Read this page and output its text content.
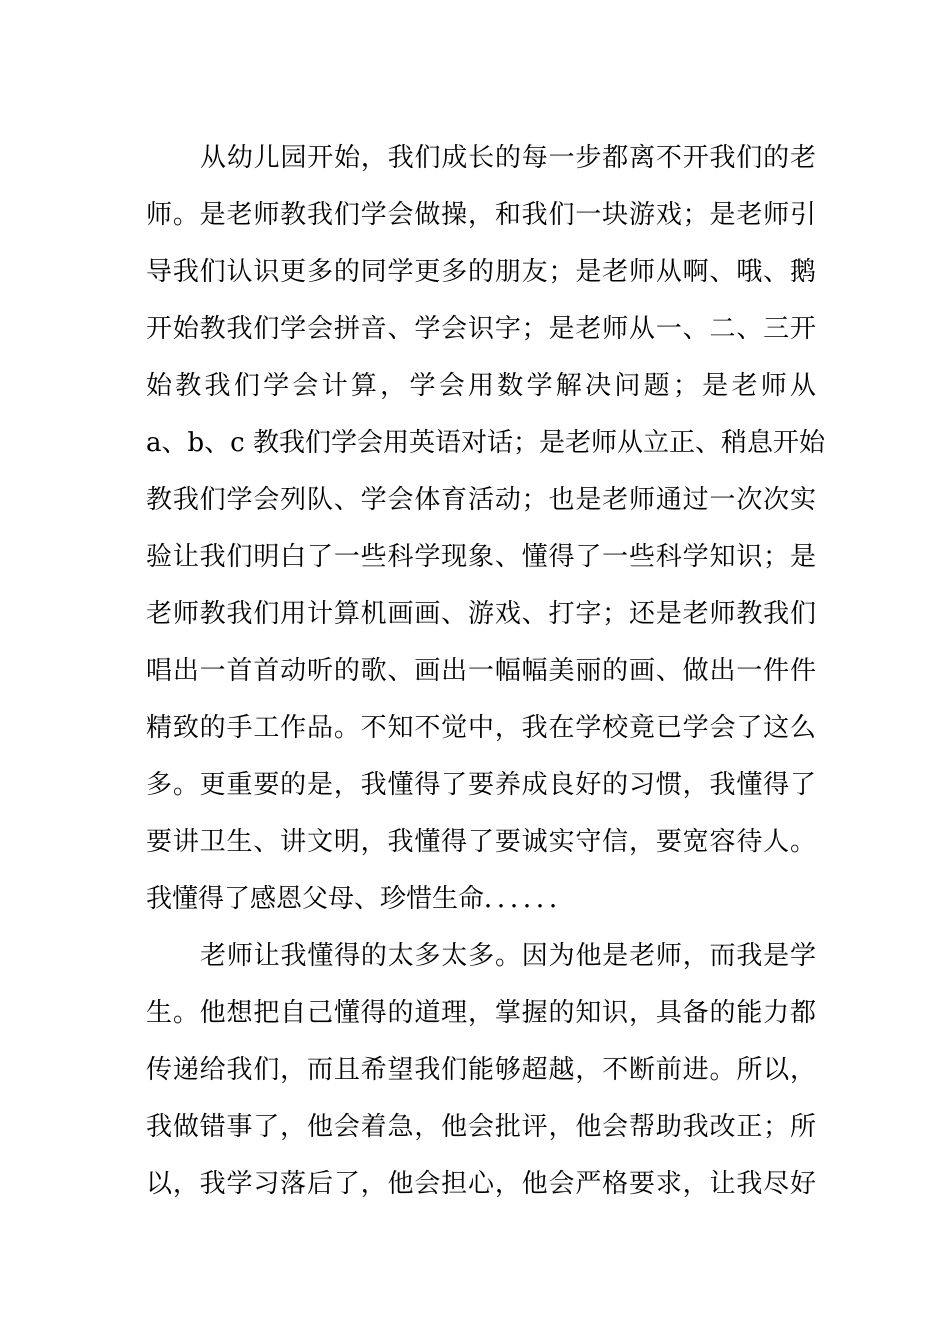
从幼儿园开始，我们成长的每一步都离不开我们的老
师。是老师教我们学会做操，和我们一块游戏；是老师引
导我们认识更多的同学更多的朋友；是老师从啊、哦、鹅
开始教我们学会拼音、学会识字；是老师从一、二、三开
始教我们学会计算，学会用数学解决问题；是老师从
a、b、c 教我们学会用英语对话；是老师从立正、稍息开始
教我们学会列队、学会体育活动；也是老师通过一次次实
验让我们明白了一些科学现象、懂得了一些科学知识；是
老师教我们用计算机画画、游戏、打字；还是老师教我们
唱出一首首动听的歌、画出一幅幅美丽的画、做出一件件
精致的手工作品。不知不觉中，我在学校竟已学会了这么
多。更重要的是，我懂得了要养成良好的习惯，我懂得了
要讲卫生、讲文明，我懂得了要诚实守信，要宽容待人。
我懂得了感恩父母、珍惜生命．．．．．．
老师让我懂得的太多太多。因为他是老师，而我是学
生。他想把自己懂得的道理，掌握的知识，具备的能力都
传递给我们，而且希望我们能够超越，不断前进。所以，
我做错事了，他会着急，他会批评，他会帮助我改正；所
以，我学习落后了，他会担心，他会严格要求，让我尽好
